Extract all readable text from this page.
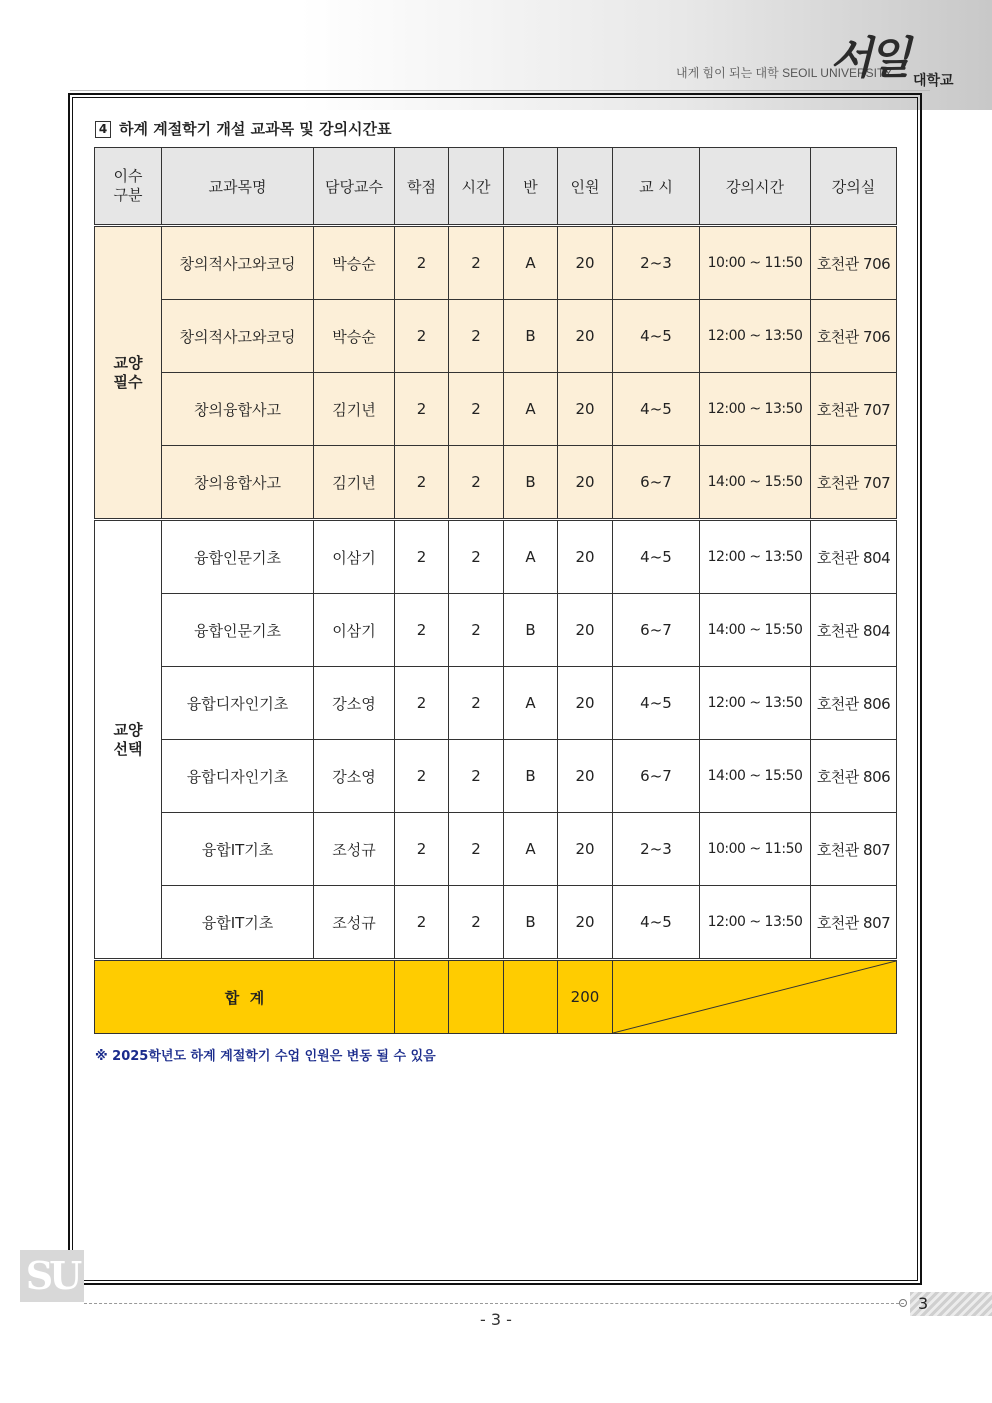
내게 힘이 되는 대학 SEOIL UNIVERSITY
서일 대학교
4 하계 계절학기 개설 교과목 및 강의시간표
이수
구분	교과목명	담당교수	학점	시간	반	인원	교 시	강의시간	강의실
교양
필수	창의적사고와코딩	박승순	2	2	A	20	2~3	10:00 ~ 11:50	호천관 706
	창의적사고와코딩	박승순	2	2	B	20	4~5	12:00 ~ 13:50	호천관 706
	창의융합사고	김기년	2	2	A	20	4~5	12:00 ~ 13:50	호천관 707
	창의융합사고	김기년	2	2	B	20	6~7	14:00 ~ 15:50	호천관 707
교양
선택	융합인문기초	이삼기	2	2	A	20	4~5	12:00 ~ 13:50	호천관 804
	융합인문기초	이삼기	2	2	B	20	6~7	14:00 ~ 15:50	호천관 804
	융합디자인기초	강소영	2	2	A	20	4~5	12:00 ~ 13:50	호천관 806
	융합디자인기초	강소영	2	2	B	20	6~7	14:00 ~ 15:50	호천관 806
	융합IT기초	조성규	2	2	A	20	2~3	10:00 ~ 11:50	호천관 807
	융합IT기초	조성규	2	2	B	20	4~5	12:00 ~ 13:50	호천관 807
합  계						200	
※ 2025학년도 하계 계절학기 수업 인원은 변동 될 수 있음
SU
3
- 3 -
